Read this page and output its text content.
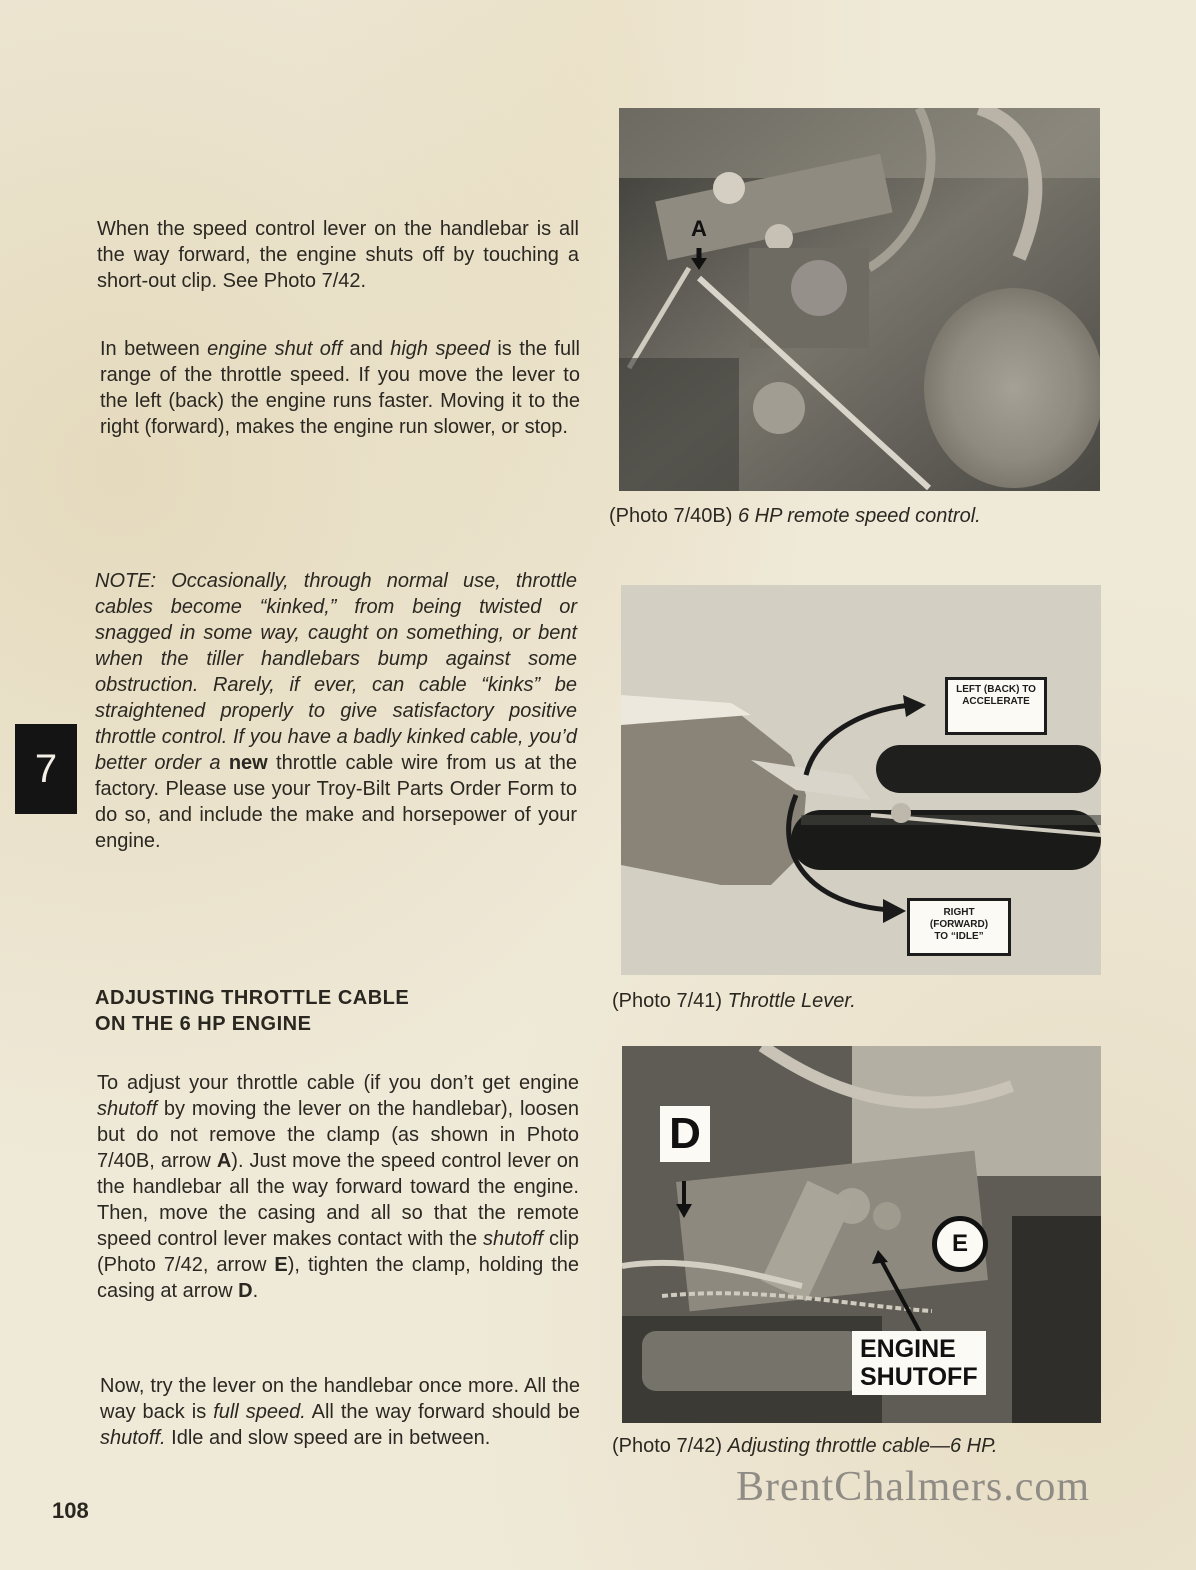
When the speed control lever on the handlebar is all the way forward, the engine shuts off by touching a short-out clip. See Photo 7/42.

In between engine shut off and high speed is the full range of the throttle speed. If you move the lever to the left (back) the engine runs faster. Moving it to the right (forward), makes the engine run slower, or stop.

NOTE: Occasionally, through normal use, throttle cables become “kinked,” from being twisted or snagged in some way, caught on something, or bent when the tiller handlebars bump against some obstruction. Rarely, if ever, can cable “kinks” be straightened properly to give satisfactory positive throttle control. If you have a badly kinked cable, you’d better order a new throttle cable wire from us at the factory. Please use your Troy-Bilt Parts Order Form to do so, and include the make and horsepower of your engine.

ADJUSTING THROTTLE CABLE
ON THE 6 HP ENGINE

To adjust your throttle cable (if you don’t get engine shutoff by moving the lever on the handlebar), loosen but do not remove the clamp (as shown in Photo 7/40B, arrow A). Just move the speed control lever on the handlebar all the way forward toward the engine. Then, move the casing and all so that the remote speed control lever makes contact with the shutoff clip (Photo 7/42, arrow E), tighten the clamp, holding the casing at arrow D.

Now, try the lever on the handlebar once more. All the way back is full speed. All the way forward should be shutoff. Idle and slow speed are in between.

7
108
A
(Photo 7/40B) 6 HP remote speed control.
LEFT (BACK) TO ACCELERATE
RIGHT
(FORWARD)
TO “IDLE”
(Photo 7/41) Throttle Lever.
D
E
ENGINE
SHUTOFF
(Photo 7/42) Adjusting throttle cable—6 HP.
BrentChalmers.com
